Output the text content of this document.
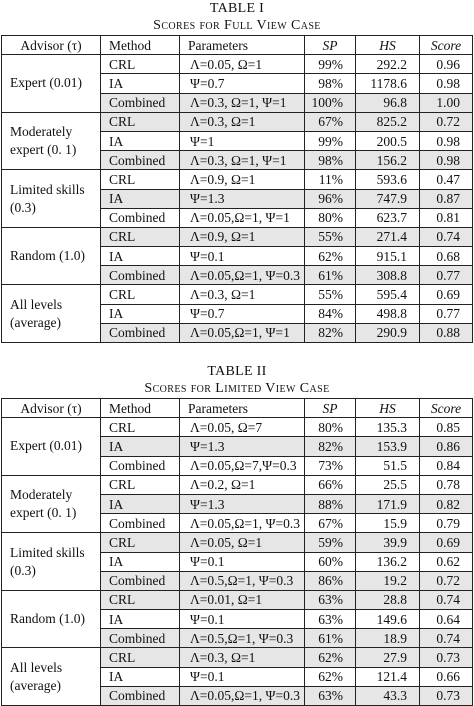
TABLE I
Scores for Full View Case
Advisor (τ)	Method	Parameters	SP	HS	Score
Expert (0.01)	CRL	Λ=0.05, Ω=1	99%	292.2	0.96
	IA	Ψ=0.7	98%	1178.6	0.98
	Combined	Λ=0.3, Ω=1, Ψ=1	100%	96.8	1.00
Moderately expert (0. 1)	CRL	Λ=0.3, Ω=1	67%	825.2	0.72
	IA	Ψ=1	99%	200.5	0.98
	Combined	Λ=0.3, Ω=1, Ψ=1	98%	156.2	0.98
Limited skills (0.3)	CRL	Λ=0.9, Ω=1	11%	593.6	0.47
	IA	Ψ=1.3	96%	747.9	0.87
	Combined	Λ=0.05,Ω=1, Ψ=1	80%	623.7	0.81
Random (1.0)	CRL	Λ=0.9, Ω=1	55%	271.4	0.74
	IA	Ψ=0.1	62%	915.1	0.68
	Combined	Λ=0.05,Ω=1, Ψ=0.3	61%	308.8	0.77
All levels (average)	CRL	Λ=0.3, Ω=1	55%	595.4	0.69
	IA	Ψ=0.7	84%	498.8	0.77
	Combined	Λ=0.05,Ω=1, Ψ=1	82%	290.9	0.88
TABLE II
Scores for Limited View Case
Advisor (τ)	Method	Parameters	SP	HS	Score
Expert (0.01)	CRL	Λ=0.05, Ω=7	80%	135.3	0.85
	IA	Ψ=1.3	82%	153.9	0.86
	Combined	Λ=0.05,Ω=7,Ψ=0.3	73%	51.5	0.84
Moderately expert (0. 1)	CRL	Λ=0.2, Ω=1	66%	25.5	0.78
	IA	Ψ=1.3	88%	171.9	0.82
	Combined	Λ=0.05,Ω=1, Ψ=0.3	67%	15.9	0.79
Limited skills (0.3)	CRL	Λ=0.05, Ω=1	59%	39.9	0.69
	IA	Ψ=0.1	60%	136.2	0.62
	Combined	Λ=0.5,Ω=1, Ψ=0.3	86%	19.2	0.72
Random (1.0)	CRL	Λ=0.01, Ω=1	63%	28.8	0.74
	IA	Ψ=0.1	63%	149.6	0.64
	Combined	Λ=0.5,Ω=1, Ψ=0.3	61%	18.9	0.74
All levels (average)	CRL	Λ=0.3, Ω=1	62%	27.9	0.73
	IA	Ψ=0.1	62%	121.4	0.66
	Combined	Λ=0.05,Ω=1, Ψ=0.3	63%	43.3	0.73
